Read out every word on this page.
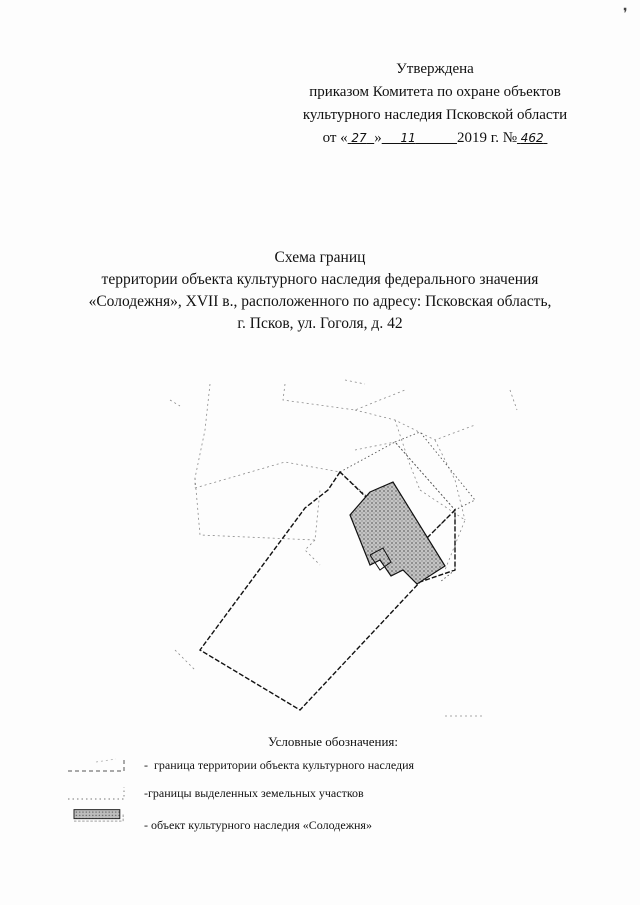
❜
Утверждена
приказом Комитета по охране объектов
культурного наследия Псковской области
от « 27 » 11	2019 г. № 462
Схема границ
территории объекта культурного наследия федерального значения
«Солодежня», XVII в., расположенного по адресу: Псковская область,
г. Псков, ул. Гоголя, д. 42
Условные обозначения:
- граница территории объекта культурного наследия
-границы выделенных земельных участков
- объект культурного наследия «Солодежня»
